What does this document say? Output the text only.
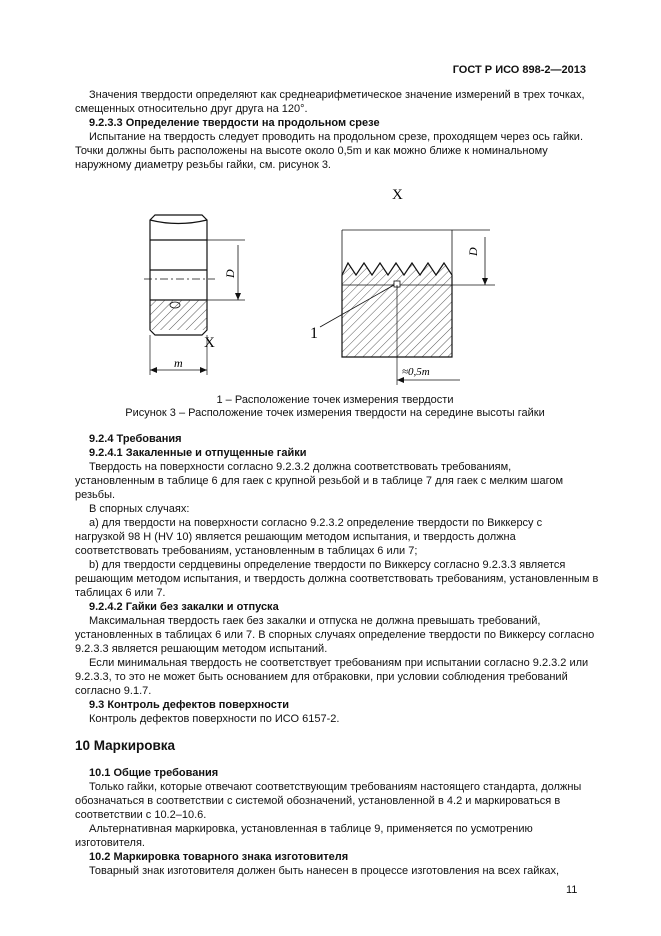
ГОСТ Р ИСО 898-2—2013
Значения твердости определяют как среднеарифметическое значение измерений в трех точках,
смещенных относительно друг друга на 120°.
9.2.3.3 Определение твердости на продольном срезе
Испытание на твердость следует проводить на продольном срезе, проходящем через ось гайки.
Точки должны быть расположены на высоте около 0,5m и как можно ближе к номинальному
наружному диаметру резьбы гайки, см. рисунок 3.
D
m
X
X
D
≈0,5m
1
1 – Расположение точек измерения твердости
Рисунок 3 – Расположение точек измерения твердости на середине высоты гайки
9.2.4 Требования
9.2.4.1 Закаленные и отпущенные гайки
Твердость на поверхности согласно 9.2.3.2 должна соответствовать требованиям,
установленным в таблице 6 для гаек с крупной резьбой и в таблице 7 для гаек с мелким шагом
резьбы.
В спорных случаях:
a) для твердости на поверхности согласно 9.2.3.2 определение твердости по Виккерсу с
нагрузкой 98 Н (HV 10) является решающим методом испытания, и твердость должна
соответствовать требованиям, установленным в таблицах 6 или 7;
b) для твердости сердцевины определение твердости по Виккерсу согласно 9.2.3.3 является
решающим методом испытания, и твердость должна соответствовать требованиям, установленным в
таблицах 6 или 7.
9.2.4.2 Гайки без закалки и отпуска
Максимальная твердость гаек без закалки и отпуска не должна превышать требований,
установленных в таблицах 6 или 7. В спорных случаях определение твердости по Виккерсу согласно
9.2.3.3 является решающим методом испытаний.
Если минимальная твердость не соответствует требованиям при испытании согласно 9.2.3.2 или
9.2.3.3, то это не может быть основанием для отбраковки, при условии соблюдения требований
согласно 9.1.7.
9.3 Контроль дефектов поверхности
Контроль дефектов поверхности по ИСО 6157-2.
10 Маркировка
10.1 Общие требования
Только гайки, которые отвечают соответствующим требованиям настоящего стандарта, должны
обозначаться в соответствии с системой обозначений, установленной в 4.2 и маркироваться в
соответствии с 10.2–10.6.
Альтернативная маркировка, установленная в таблице 9, применяется по усмотрению
изготовителя.
10.2 Маркировка товарного знака изготовителя
Товарный знак изготовителя должен быть нанесен в процессе изготовления на всех гайках,
11
